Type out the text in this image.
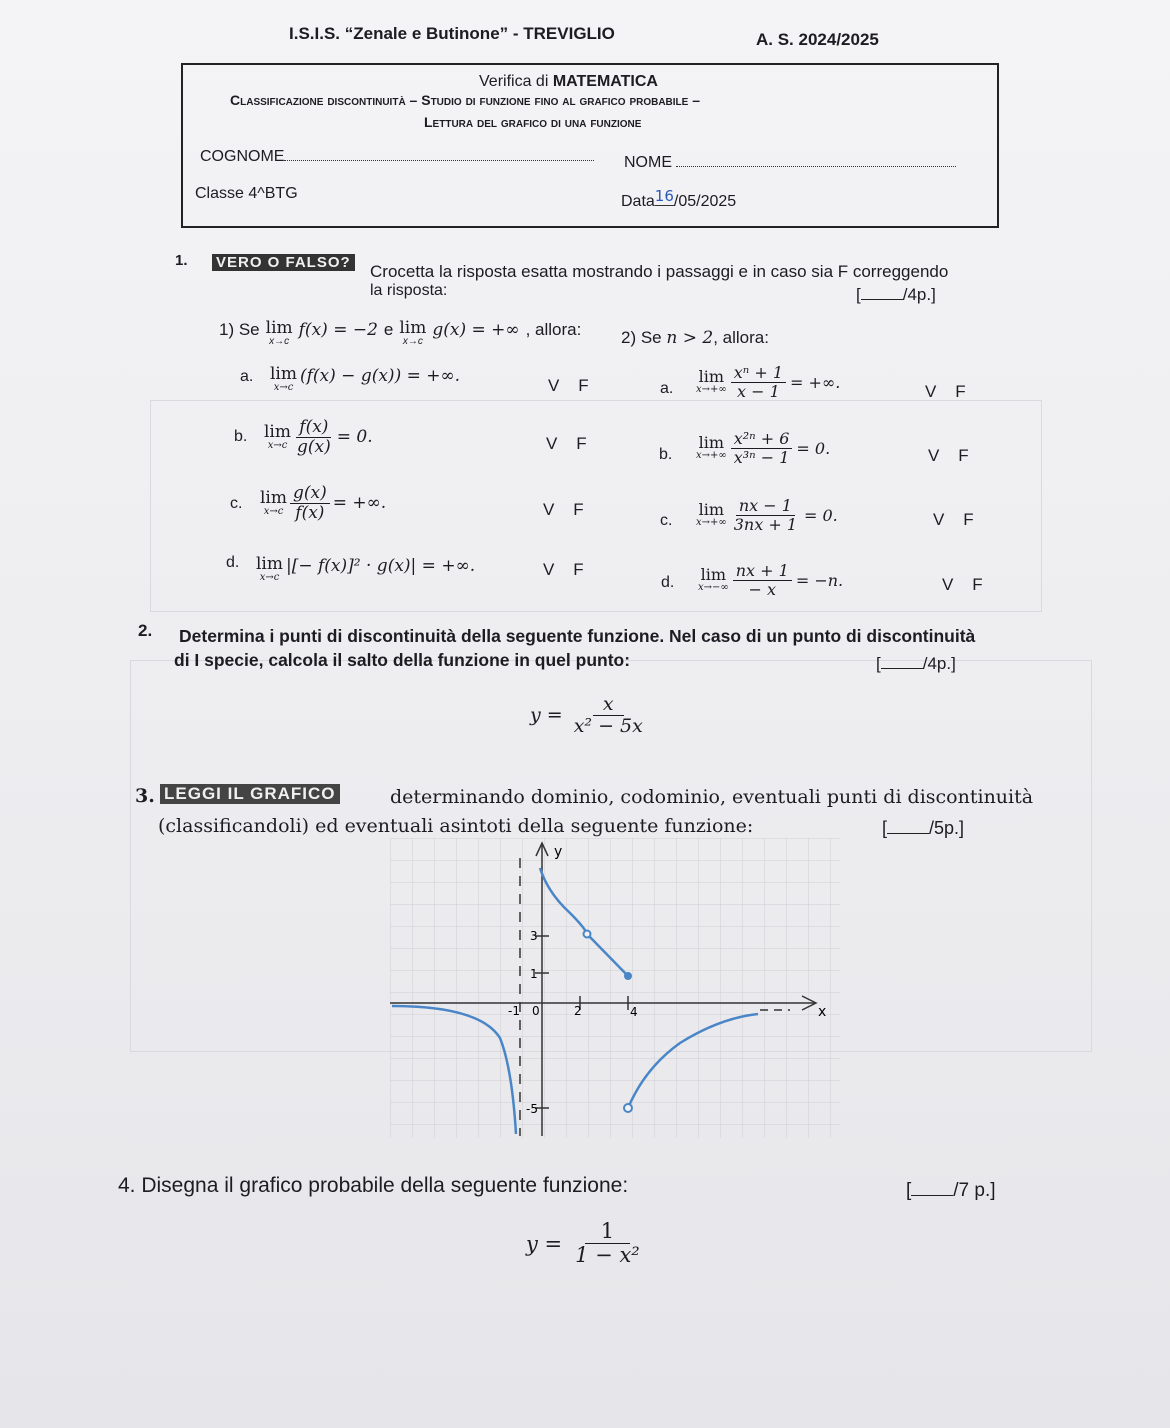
I.S.I.S. “Zenale e Butinone” - TREVIGLIO	A. S. 2024/2025
Verifica di MATEMATICA
Classificazione discontinuità – Studio di funzione fino al grafico probabile –
Lettura del grafico di una funzione
COGNOME	NOME
Classe 4^BTG	Data16/05/2025
1. VERO O FALSO? Crocetta la risposta esatta mostrando i passaggi e in caso sia F correggendo
la risposta:	[ /4p.]
1) Se lim
x→c
f(x) = −2 e lim
x→c
g(x) = +∞ , allora: 2) Se n > 2, allora:
a. lim
x→c
(f(x) − g(x)) = +∞.	V F
b. lim
$x\to c \frac{f(x)}{g(x)} = 0$.	V F
c. lim
$x\to c \frac{g(x)}{f(x)}$ = +∞.	V F
d. lim
x→c
|[− f(x)]² · g(x)| = +∞.	V F
a.
lim
$x\to+\infty \frac{\text{xⁿ + 1}}{x - 1}$ = +∞.	V F
b.
lim
$x\to+\infty \frac{\text{x²ⁿ + 6}}{\text{x³ⁿ − 1}} = 0$.	V F
c.
lim
$x\to+\infty \frac{nx - 1}{3nx + 1} = 0$.	V F
d. lim
$x\to-\infty \frac{nx + 1}{- x} = -n$.	V F
2. Determina i punti di discontinuità della seguente funzione. Nel caso di un punto di discontinuità
di I specie, calcola il salto della funzione in quel punto:	[ /4p.]
$y = \frac{x}{\text{x² − 5x}}$
3. LEGGI IL GRAFICO	determinando dominio, codominio, eventuali punti di discontinuità
(classificandoli) ed eventuali asintoti della seguente funzione:	[ /5p.]
x
y
3
1
-1 0	2	4
-5
4. Disegna il grafico probabile della seguente funzione:	[ /7 p.]
$y = \frac{1}{\text{1 − x²}}$
